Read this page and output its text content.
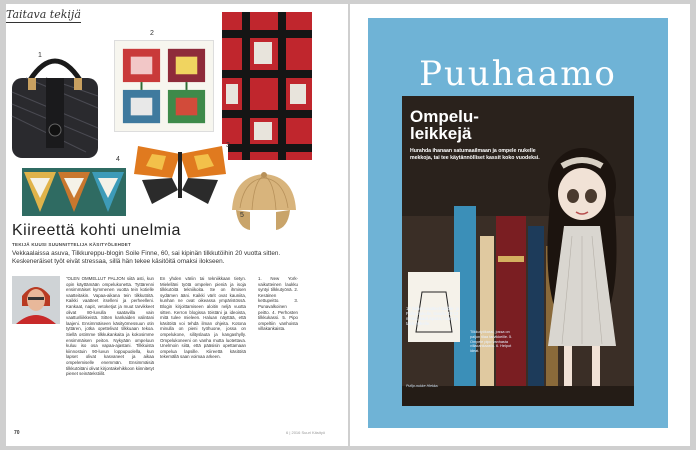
Taitava tekijä
1
2
3
4
5
Kiireettä kohti unelmia
TEKIJÄ KUUSI SUUNNITTELIJA KÄSITYÖLEHDET

Vekkaalaissa asuva, Tilkkureppu-blogin Soile Finne, 60, sai kipinän tilkkutöihin 20 vuotta sitten. Keskeneräiset työt eivät stressaa, sillä hän tekee käsitöitä omaksi ilokseen.

"OLEN OMMELLUT PALJON siitä asti, kun opin käyttämään ompelukonetta. Tyttärenni ensimmäiset kymmenen vuotta tein kotielle vaatteitakin. Vapaa-aikana tein tilkkutöitä. Kaikki vaatteet itselleni ja perheelleni. Kankaat, napit, vetoketjut ja muut tarvikkeet olivat 80-luvulla saatavilla vain vaatturiliikkeistä. Sitten kankaiden valintani laajeni. Ensimmäiseen käsityömessuun otin tyttären, jotka opettelivat tilkkuaan tekoa. Siellä ostimme tilkkukankaita ja kokosimme ensimmäisen peiton. Nykyään ompeluun kuluu iso osa vapaa-ajastani. Tilkkuista kiinnostuin 90-luvun loppupuolella, kun lapset olivat kasvaneet ja aikaa ompelemiselle enemmän. Ensimmäisiä tilkkutöitäni olivat kirjontakehikkoon kiinnitetyt pienet seinätekstiilit.

En yhden väriin tai tekniikkaan tietyn. Mielelläni työtä ompelen pieniä ja isoja tilkkutöitä tekniikoita. Se on ihmisen sydämen ääni. Kaikki värit ovat kauniita, kunhan ne ovat oikeassa ympäristössä. Blogin kirjoittamiseen aloitin neljä vuotta sitten. Kerron blogissa töistäni ja ideoista, mitä tulee mieleen. Haluan näyttää, että käsitöitä voi tehdä ilman ohjeita. Kotona minulla on pieni työhuone, jossa on ompelukone, silityslauta ja kangashylly. Ompelukoneeni on vanha mutta luotettava. Unelmoin siitä, että pääsisin opettamaan ompelua lapsille. Kiireettä käsitöitä tekemällä saan voimaa arkeen.

1. New York-vaikutteinen laukku syntyi tilkkutyönä. 2. Kesäinen kettupeitto. 3. Punavalkoinen peitto. 4. Perhosten tilkkukassi. 5. Pipo ompeltiin vanhoista villakankaista.

70	6 | 2016 Suuri Käsityö
Puuhaamo
Ompelu-
leikkejä

Hurahda ihanaan satumaailmaan ja ompele nukelle mekkoja, tai tee käytännölliset kassit koko vuodeksi.

12 Nuken vaatteet Barbie- ja Pullip-nukelle. Sivuilla 10-12 mekot, kauluspaita, hame ja takki nukelle.

Tilkkutyökassi, jossa on paljon tilaa tarvikkeille. 5. Ompele pipo vanhasta villakankaasta. 6. Helpot ideat.

Pullip-nukke Hiekka.
